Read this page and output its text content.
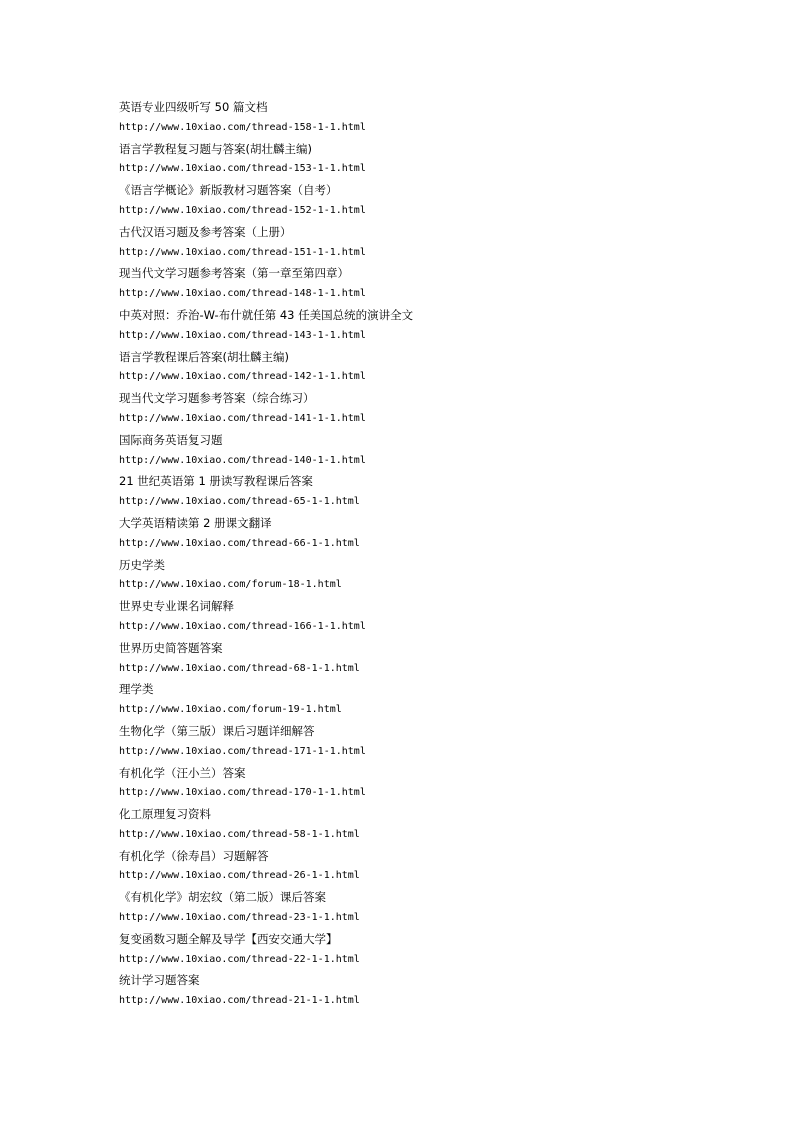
英语专业四级听写 50 篇文档
http://www.10xiao.com/thread-158-1-1.html
语言学教程复习题与答案(胡壮麟主编)
http://www.10xiao.com/thread-153-1-1.html
《语言学概论》新版教材习题答案（自考）
http://www.10xiao.com/thread-152-1-1.html
古代汉语习题及参考答案（上册）
http://www.10xiao.com/thread-151-1-1.html
现当代文学习题参考答案（第一章至第四章）
http://www.10xiao.com/thread-148-1-1.html
中英对照：乔治-W-布什就任第 43 任美国总统的演讲全文
http://www.10xiao.com/thread-143-1-1.html
语言学教程课后答案(胡壮麟主编)
http://www.10xiao.com/thread-142-1-1.html
现当代文学习题参考答案（综合练习）
http://www.10xiao.com/thread-141-1-1.html
国际商务英语复习题
http://www.10xiao.com/thread-140-1-1.html
21 世纪英语第 1 册读写教程课后答案
http://www.10xiao.com/thread-65-1-1.html
大学英语精读第 2 册课文翻译
http://www.10xiao.com/thread-66-1-1.html
历史学类
http://www.10xiao.com/forum-18-1.html
世界史专业课名词解释
http://www.10xiao.com/thread-166-1-1.html
世界历史简答题答案
http://www.10xiao.com/thread-68-1-1.html
理学类
http://www.10xiao.com/forum-19-1.html
生物化学（第三版）课后习题详细解答
http://www.10xiao.com/thread-171-1-1.html
有机化学（汪小兰）答案
http://www.10xiao.com/thread-170-1-1.html
化工原理复习资料
http://www.10xiao.com/thread-58-1-1.html
有机化学（徐寿昌）习题解答
http://www.10xiao.com/thread-26-1-1.html
《有机化学》胡宏纹（第二版）课后答案
http://www.10xiao.com/thread-23-1-1.html
复变函数习题全解及导学【西安交通大学】
http://www.10xiao.com/thread-22-1-1.html
统计学习题答案
http://www.10xiao.com/thread-21-1-1.html
